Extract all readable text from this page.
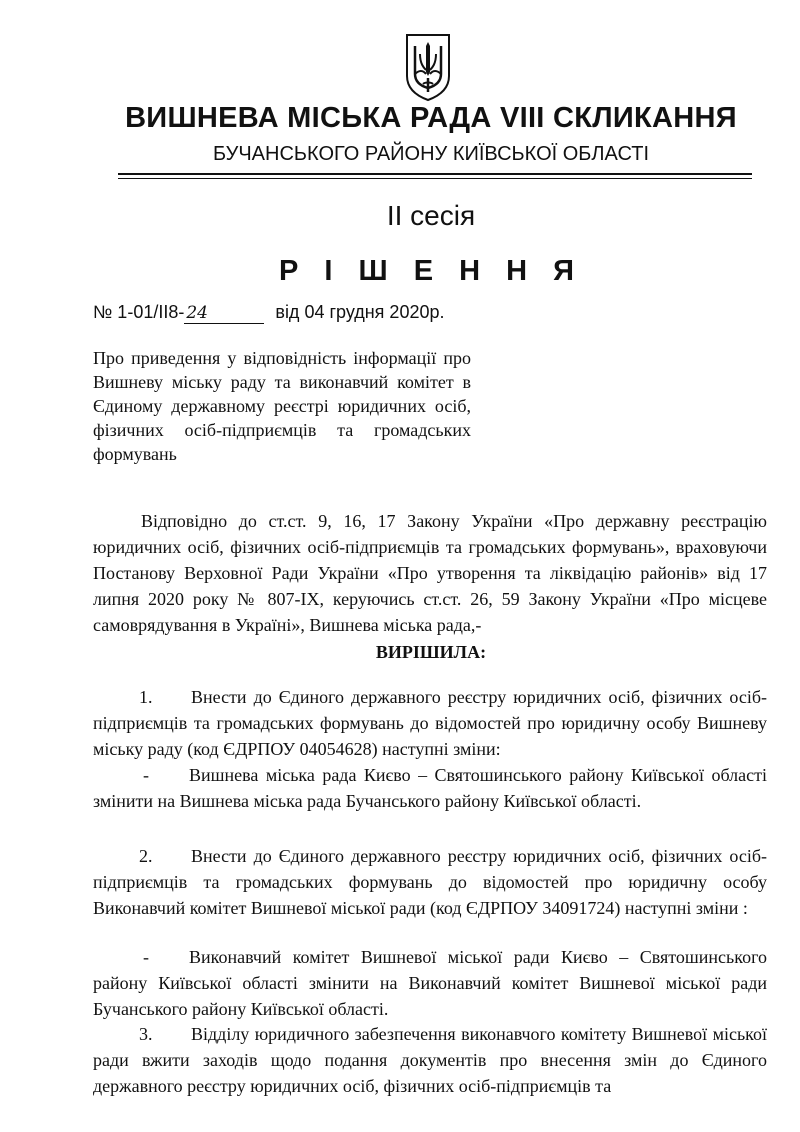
ВИШНЕВА МІСЬКА РАДА VIII СКЛИКАННЯ
БУЧАНСЬКОГО РАЙОНУ КИЇВСЬКОЇ ОБЛАСТІ
ІІ сесія
Р І Ш Е Н Н Я
№ 1-01/ІІ8- 24	від 04 грудня 2020р.
Про приведення у відповідність інформації про Вишневу міську раду та виконавчий комітет в Єдиному державному реєстрі юридичних осіб, фізичних осіб-підприємців та громадських формувань
Відповідно до ст.ст. 9, 16, 17 Закону України «Про державну реєстрацію юридичних осіб, фізичних осіб-підприємців та громадських формувань», враховуючи Постанову Верховної Ради України «Про утворення та ліквідацію районів» від 17 липня 2020 року № 807-IX, керуючись ст.ст. 26, 59 Закону України «Про місцеве самоврядування в Україні», Вишнева міська рада,-
ВИРІШИЛА:
1. Внести до Єдиного державного реєстру юридичних осіб, фізичних осіб-підприємців та громадських формувань до відомостей про юридичну особу Вишневу міську раду (код ЄДРПОУ 04054628) наступні зміни:
- Вишнева міська рада Києво – Святошинського району Київської області змінити на Вишнева міська рада Бучанського району Київської області.
2. Внести до Єдиного державного реєстру юридичних осіб, фізичних осіб-підприємців та громадських формувань до відомостей про юридичну особу Виконавчий комітет Вишневої міської ради (код ЄДРПОУ 34091724) наступні зміни :
- Виконавчий комітет Вишневої міської ради Києво – Святошинського району Київської області змінити на Виконавчий комітет Вишневої міської ради Бучанського району Київської області.
3. Відділу юридичного забезпечення виконавчого комітету Вишневої міської ради вжити заходів щодо подання документів про внесення змін до Єдиного державного реєстру юридичних осіб, фізичних осіб-підприємців та
